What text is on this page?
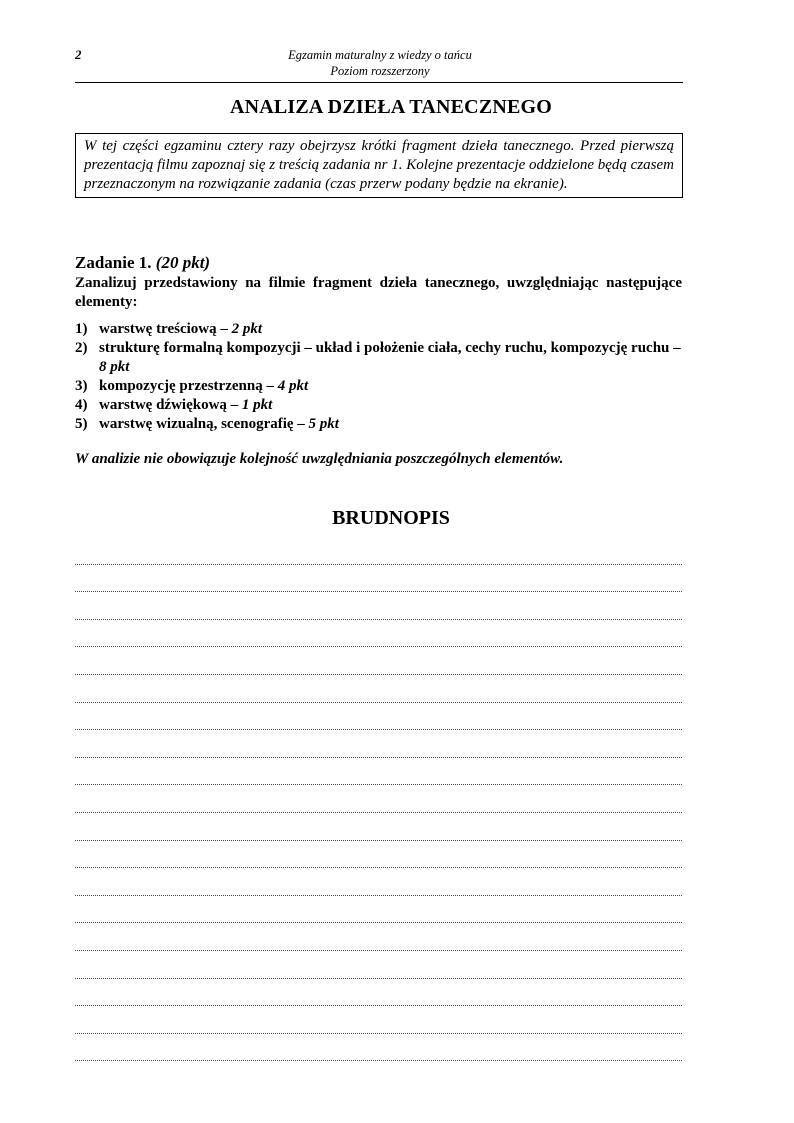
2	Egzamin maturalny z wiedzy o tańcu
Poziom rozszerzony
ANALIZA DZIEŁA TANECZNEGO
W tej części egzaminu cztery razy obejrzysz krótki fragment dzieła tanecznego. Przed pierwszą prezentacją filmu zapoznaj się z treścią zadania nr 1. Kolejne prezentacje oddzielone będą czasem przeznaczonym na rozwiązanie zadania (czas przerw podany będzie na ekranie).
Zadanie 1. (20 pkt)
Zanalizuj przedstawiony na filmie fragment dzieła tanecznego, uwzględniając następujące elementy:
1) warstwę treściową – 2 pkt
2) strukturę formalną kompozycji – układ i położenie ciała, cechy ruchu, kompozycję ruchu – 8 pkt
3) kompozycję przestrzenną – 4 pkt
4) warstwę dźwiękową – 1 pkt
5) warstwę wizualną, scenografię – 5 pkt
W analizie nie obowiązuje kolejność uwzględniania poszczególnych elementów.
BRUDNOPIS
